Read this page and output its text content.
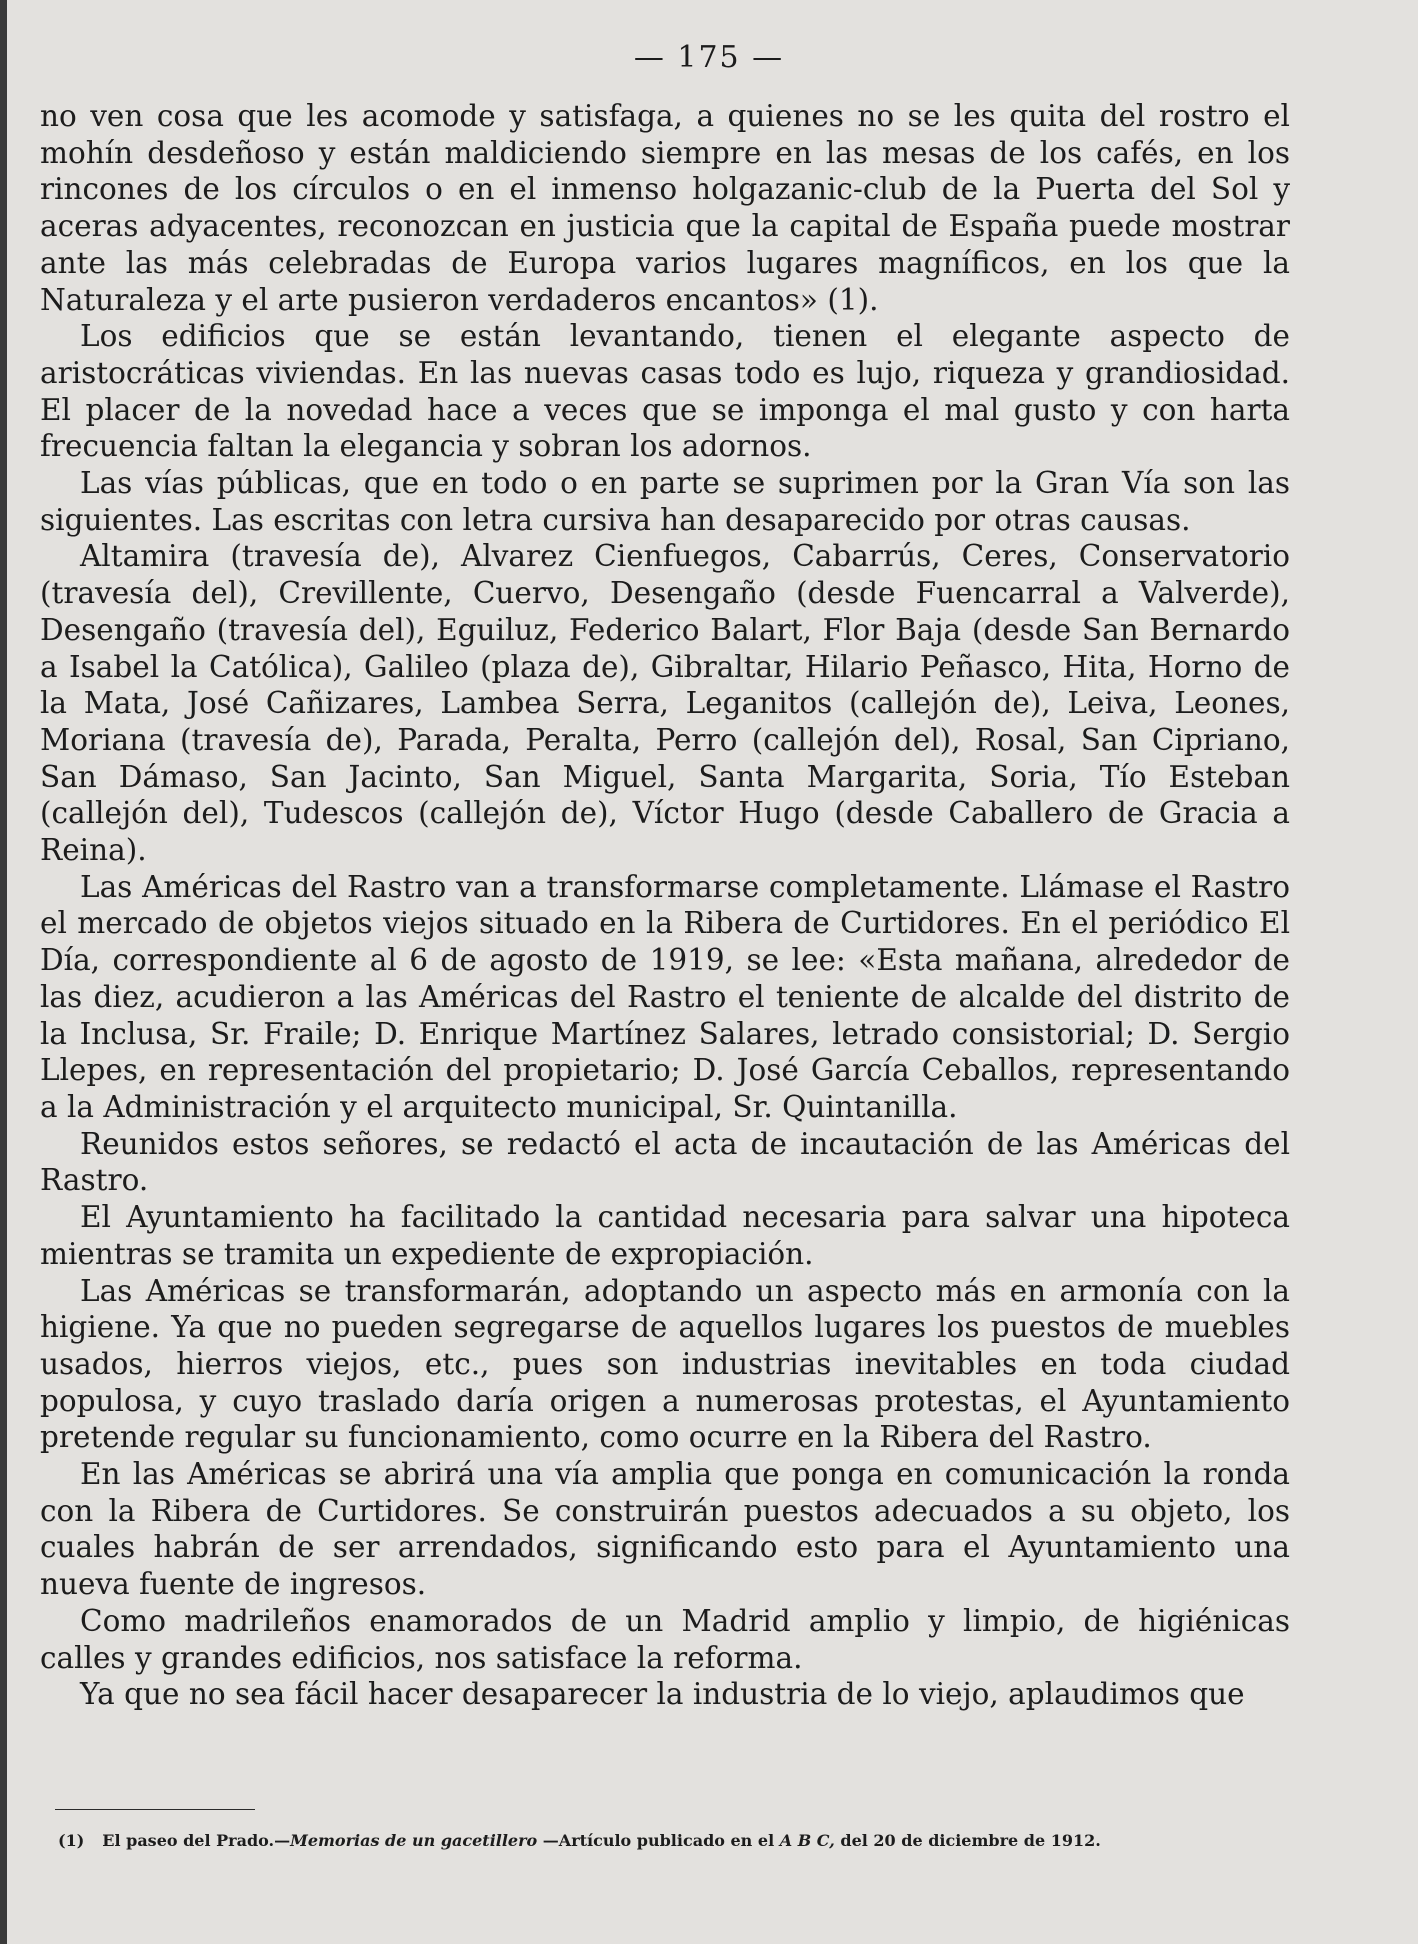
— 175 —

no ven cosa que les acomode y satisfaga, a quienes no se les quita del rostro el mohín desdeñoso y están maldiciendo siempre en las mesas de los cafés, en los rincones de los círculos o en el inmenso holgazanic-club de la Puerta del Sol y aceras adyacentes, reconozcan en justicia que la capital de España puede mostrar ante las más celebradas de Europa varios lugares magníficos, en los que la Naturaleza y el arte pusieron verdaderos encantos» (1).

Los edificios que se están levantando, tienen el elegante aspecto de aristocráticas viviendas. En las nuevas casas todo es lujo, riqueza y grandiosidad. El placer de la novedad hace a veces que se imponga el mal gusto y con harta frecuencia faltan la elegancia y sobran los adornos.

Las vías públicas, que en todo o en parte se suprimen por la Gran Vía son las siguientes. Las escritas con letra cursiva han desaparecido por otras causas.

Altamira (travesía de), Alvarez Cienfuegos, Cabarrús, Ceres, Conservatorio (travesía del), Crevillente, Cuervo, Desengaño (desde Fuencarral a Valverde), Desengaño (travesía del), Eguiluz, Federico Balart, Flor Baja (desde San Bernardo a Isabel la Católica), Galileo (plaza de), Gibraltar, Hilario Peñasco, Hita, Horno de la Mata, José Cañizares, Lambea Serra, Leganitos (callejón de), Leiva, Leones, Moriana (travesía de), Parada, Peralta, Perro (callejón del), Rosal, San Cipriano, San Dámaso, San Jacinto, San Miguel, Santa Margarita, Soria, Tío Esteban (callejón del), Tudescos (callejón de), Víctor Hugo (desde Caballero de Gracia a Reina).

Las Américas del Rastro van a transformarse completamente. Llámase el Rastro el mercado de objetos viejos situado en la Ribera de Curtidores. En el periódico El Día, correspondiente al 6 de agosto de 1919, se lee: «Esta mañana, alrededor de las diez, acudieron a las Américas del Rastro el teniente de alcalde del distrito de la Inclusa, Sr. Fraile; D. Enrique Martínez Salares, letrado consistorial; D. Sergio Llepes, en representación del propietario; D. José García Ceballos, representando a la Administración y el arquitecto municipal, Sr. Quintanilla.

Reunidos estos señores, se redactó el acta de incautación de las Américas del Rastro.

El Ayuntamiento ha facilitado la cantidad necesaria para salvar una hipoteca mientras se tramita un expediente de expropiación.

Las Américas se transformarán, adoptando un aspecto más en armonía con la higiene. Ya que no pueden segregarse de aquellos lugares los puestos de muebles usados, hierros viejos, etc., pues son industrias inevitables en toda ciudad populosa, y cuyo traslado daría origen a numerosas protestas, el Ayuntamiento pretende regular su funcionamiento, como ocurre en la Ribera del Rastro.

En las Américas se abrirá una vía amplia que ponga en comunicación la ronda con la Ribera de Curtidores. Se construirán puestos adecuados a su objeto, los cuales habrán de ser arrendados, significando esto para el Ayuntamiento una nueva fuente de ingresos.

Como madrileños enamorados de un Madrid amplio y limpio, de higiénicas calles y grandes edificios, nos satisface la reforma.

Ya que no sea fácil hacer desaparecer la industria de lo viejo, aplaudimos que

(1) El paseo del Prado.—Memorias de un gacetillero —Artículo publicado en el A B C, del 20 de diciembre de 1912.
